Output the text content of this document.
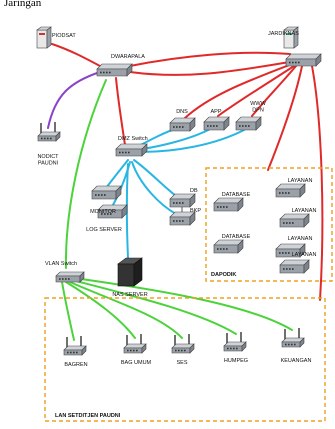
Jaringan
PIODSAT	JARDIKNAS
DWARAPALA
NODICT PAUDNI
DMZ Switch
DNS	APP
WWW DPN
DB
BKP
MONITOR
LOG SERVER
NAS SERVER
VLAN Switch
BAGREN	BAG UMUM	SES	HUMPEG	KEUANGAN
DATABASE
LAYANAN
LAYANAN
DATABASE	LAYANAN
LAYANAN
DAPODIK
LAN SETDITJEN PAUDNI
